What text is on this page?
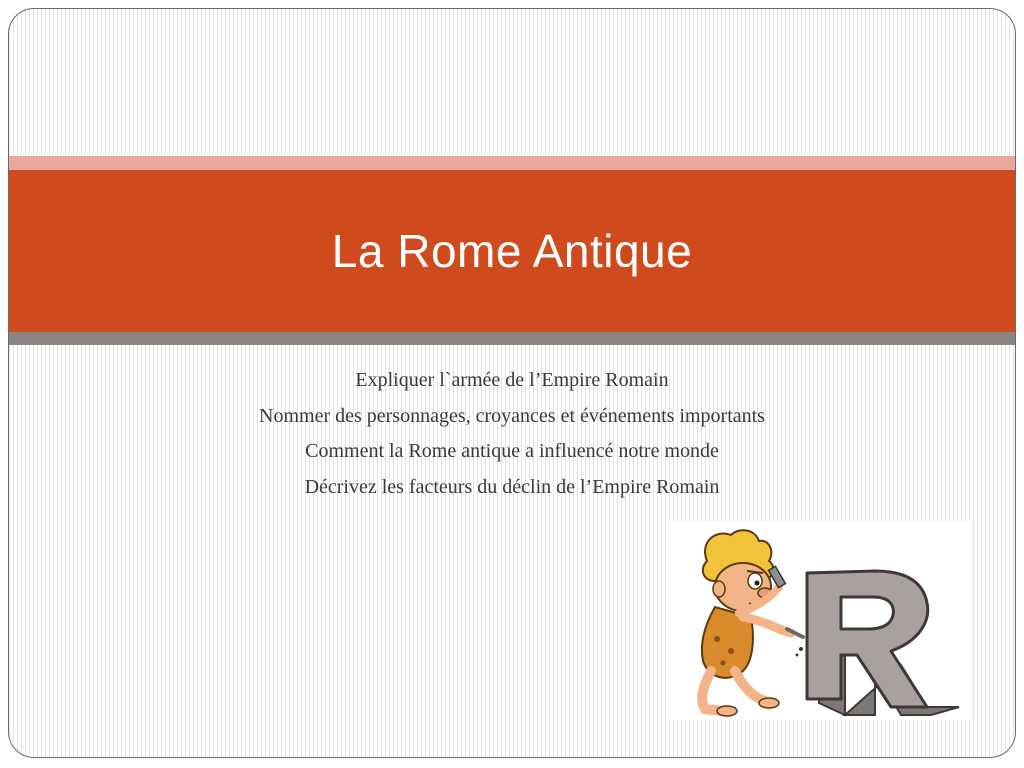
La Rome Antique
Expliquer l`armée de l’Empire Romain
Nommer des personnages, croyances et événements importants
Comment la Rome antique a influencé notre monde
Décrivez les facteurs du déclin de l’Empire Romain
